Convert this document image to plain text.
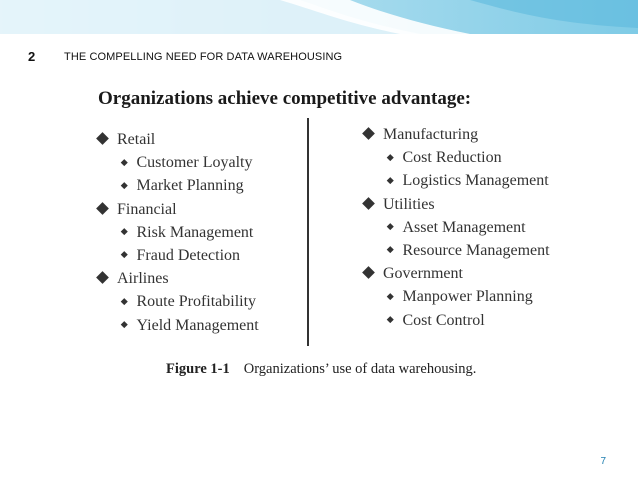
2	THE COMPELLING NEED FOR DATA WAREHOUSING
Organizations achieve competitive advantage:
Retail
Customer Loyalty
Market Planning
Financial
Risk Management
Fraud Detection
Airlines
Route Profitability
Yield Management
Manufacturing
Cost Reduction
Logistics Management
Utilities
Asset Management
Resource Management
Government
Manpower Planning
Cost Control
Figure 1-1 Organizations’ use of data warehousing.
7
